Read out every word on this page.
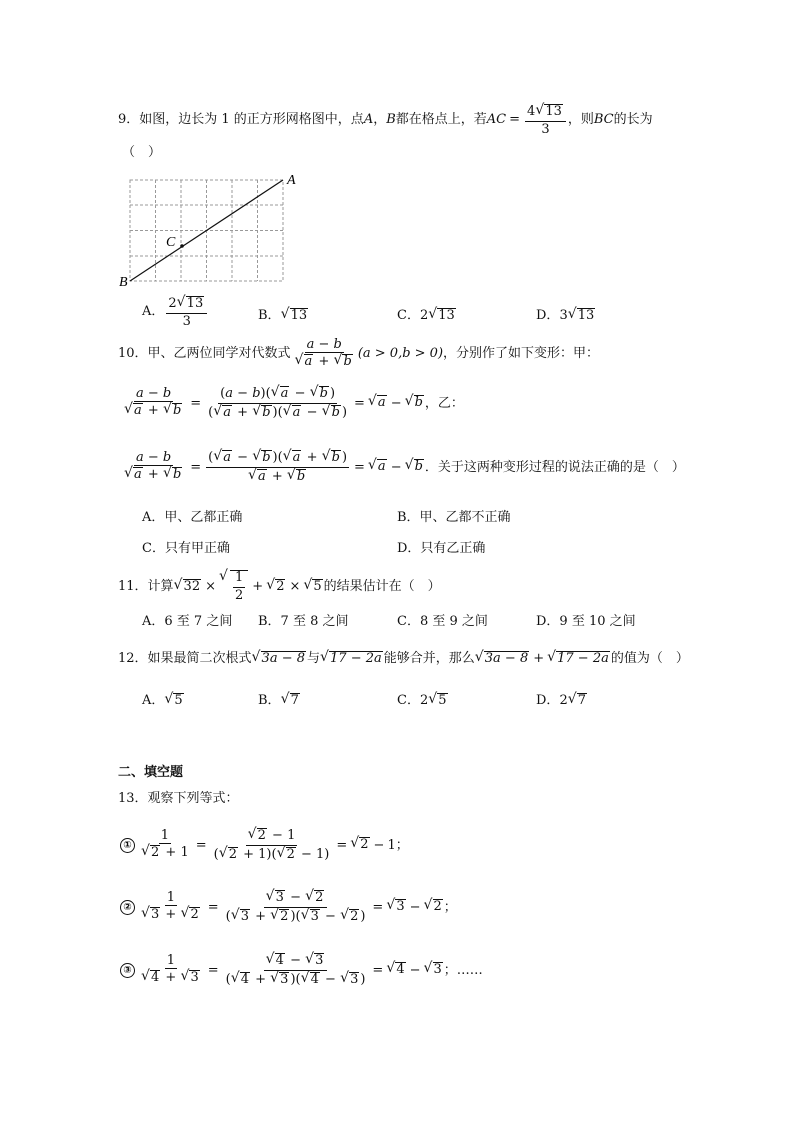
9．如图，边长为 1 的正方形网格图中，点 A ， B 都在格点上，若 AC = $\frac{4 √ 13}{3}$ ，则 BC 的长为
（　）
A
B
C
A． $\frac{2 √ 13}{3}$	B． √ 13	C． 2 √ 13	D． 3 √ 13
10．甲、乙两位同学对代数式 a − b
√ a + √ b (a > 0,b > 0) ，分别作了如下变形：甲：
a − b
√ a + √ $b = \frac{(a - b)( √ a - √ b )}{( √ a + √ b )( √ a - √ b )}$ =	√ a −	√ b ，乙：
a − b
√ a + √ b = ( √ a − √ b )( √ a + √ b )
√ a + √ b =	√ a −	√ b ．关于这两种变形过程的说法正确的是（　）
A．甲、乙都正确	B．甲、乙都不正确
C．只有甲正确	D．只有乙正确
11．计算 √ 32 × √ $\frac{1}{2}$ +	√ 2 ×	√ 5 的结果估计在（　）
A．6 至 7 之间 B．7 至 8 之间	C．8 至 9 之间	D．9 至 10 之间
12．如果最简二次根式 √ 3a − 8 与 √ 17 − 2a 能够合并，那么 √ 3a − 8 +	√ 17 − 2a 的值为（　）
A． √ 5	B． √ 7	C． 2 √ 5	D． 2 √ 7
二、填空题
13．观察下列等式：
① 1
√ 2 + 1 = √ $\frac{2 - 1}{( √ 2 + 1)( √ 2 - 1)}$ =	√ 2 − 1 ；
② 1
√ 3 + √ 2 = √ $\frac{3 - √ 2}{( √ 3 + √ 2 )( √ 3 - √ 2 )}$ =	√ 3 −	√ 2 ；
③ 1
√ 4 + √ 3 = √ $\frac{4 - √ 3}{( √ 4 + √ 3 )( √ 4 - √ 3 )}$ =	√ 4 −	√ 3 ；……
